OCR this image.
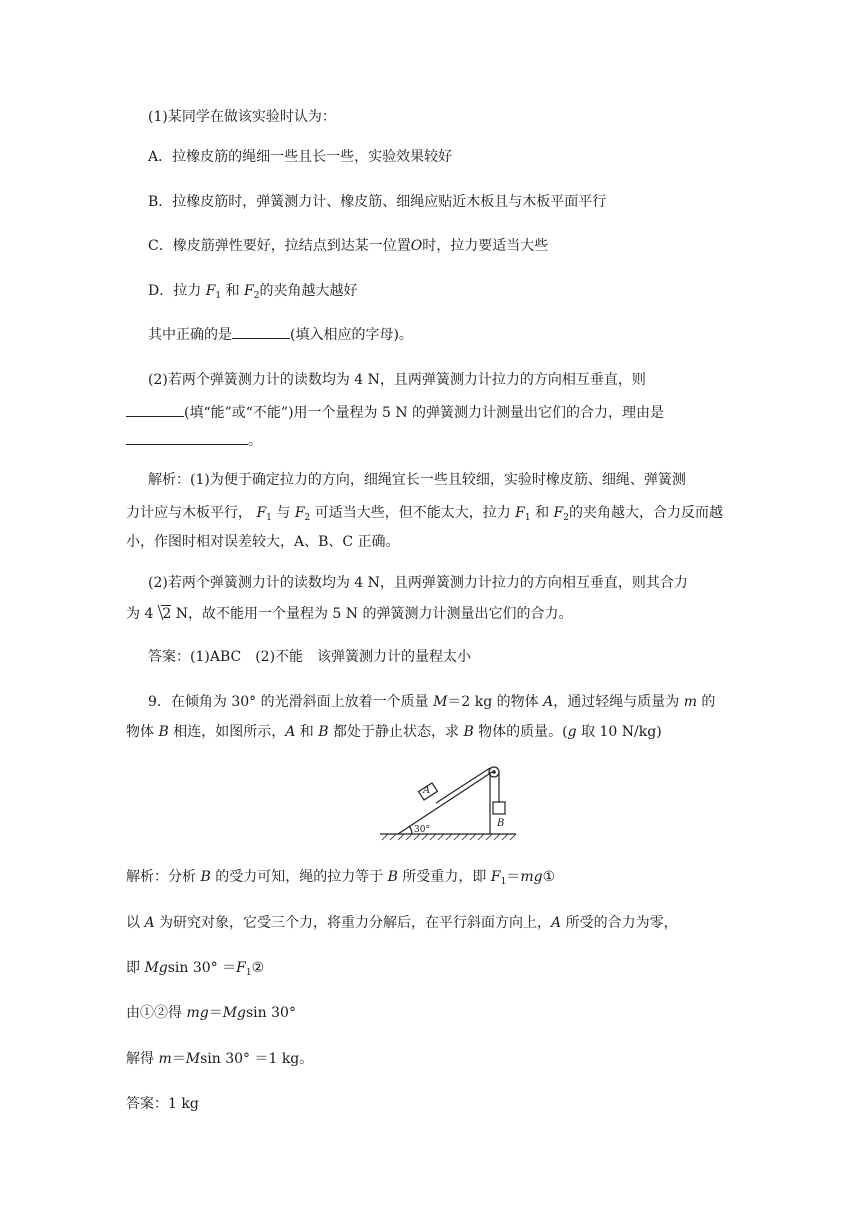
(1)某同学在做该实验时认为：
A．拉橡皮筋的绳细一些且长一些，实验效果较好
B．拉橡皮筋时，弹簧测力计、橡皮筋、细绳应贴近木板且与木板平面平行
C．橡皮筋弹性要好，拉结点到达某一位置O时，拉力要适当大些
D．拉力 $F_1$ 和 $F_2$的夹角越大越好
其中正确的是	(填入相应的字母)。
(2)若两个弹簧测力计的读数均为 4 N，且两弹簧测力计拉力的方向相互垂直，则
(填“能”或“不能”)用一个量程为 5 N 的弹簧测力计测量出它们的合力，理由是
。
解析：(1)为便于确定拉力的方向，细绳宜长一些且较细，实验时橡皮筋、细绳、弹簧测
力计应与木板平行， $F_1$ 与 $F_2$ 可适当大些，但不能太大，拉力 $F_1$ 和 $F_2$的夹角越大，合力反而越
小，作图时相对误差较大，A、B、C 正确。
(2)若两个弹簧测力计的读数均为 4 N，且两弹簧测力计拉力的方向相互垂直，则其合力
为 4 2 N，故不能用一个量程为 5 N 的弹簧测力计测量出它们的合力。
答案：(1)ABC　(2)不能　该弹簧测力计的量程太小
9．在倾角为 30° 的光滑斜面上放着一个质量 M＝2 kg 的物体 A，通过轻绳与质量为 m 的
物体 B 相连，如图所示，A 和 B 都处于静止状态，求 B 物体的质量。(g 取 10 N/kg)
A
B
30°
解析：分析 B 的受力可知，绳的拉力等于 B 所受重力，即 $F_1=mg①$
以 A 为研究对象，它受三个力，将重力分解后，在平行斜面方向上，A 所受的合力为零，
即 Mgsin $30^\circ =F_1②$
由①②得 mg＝Mgsin 30°
解得 m＝Msin 30° ＝1 kg。
答案：1 kg
